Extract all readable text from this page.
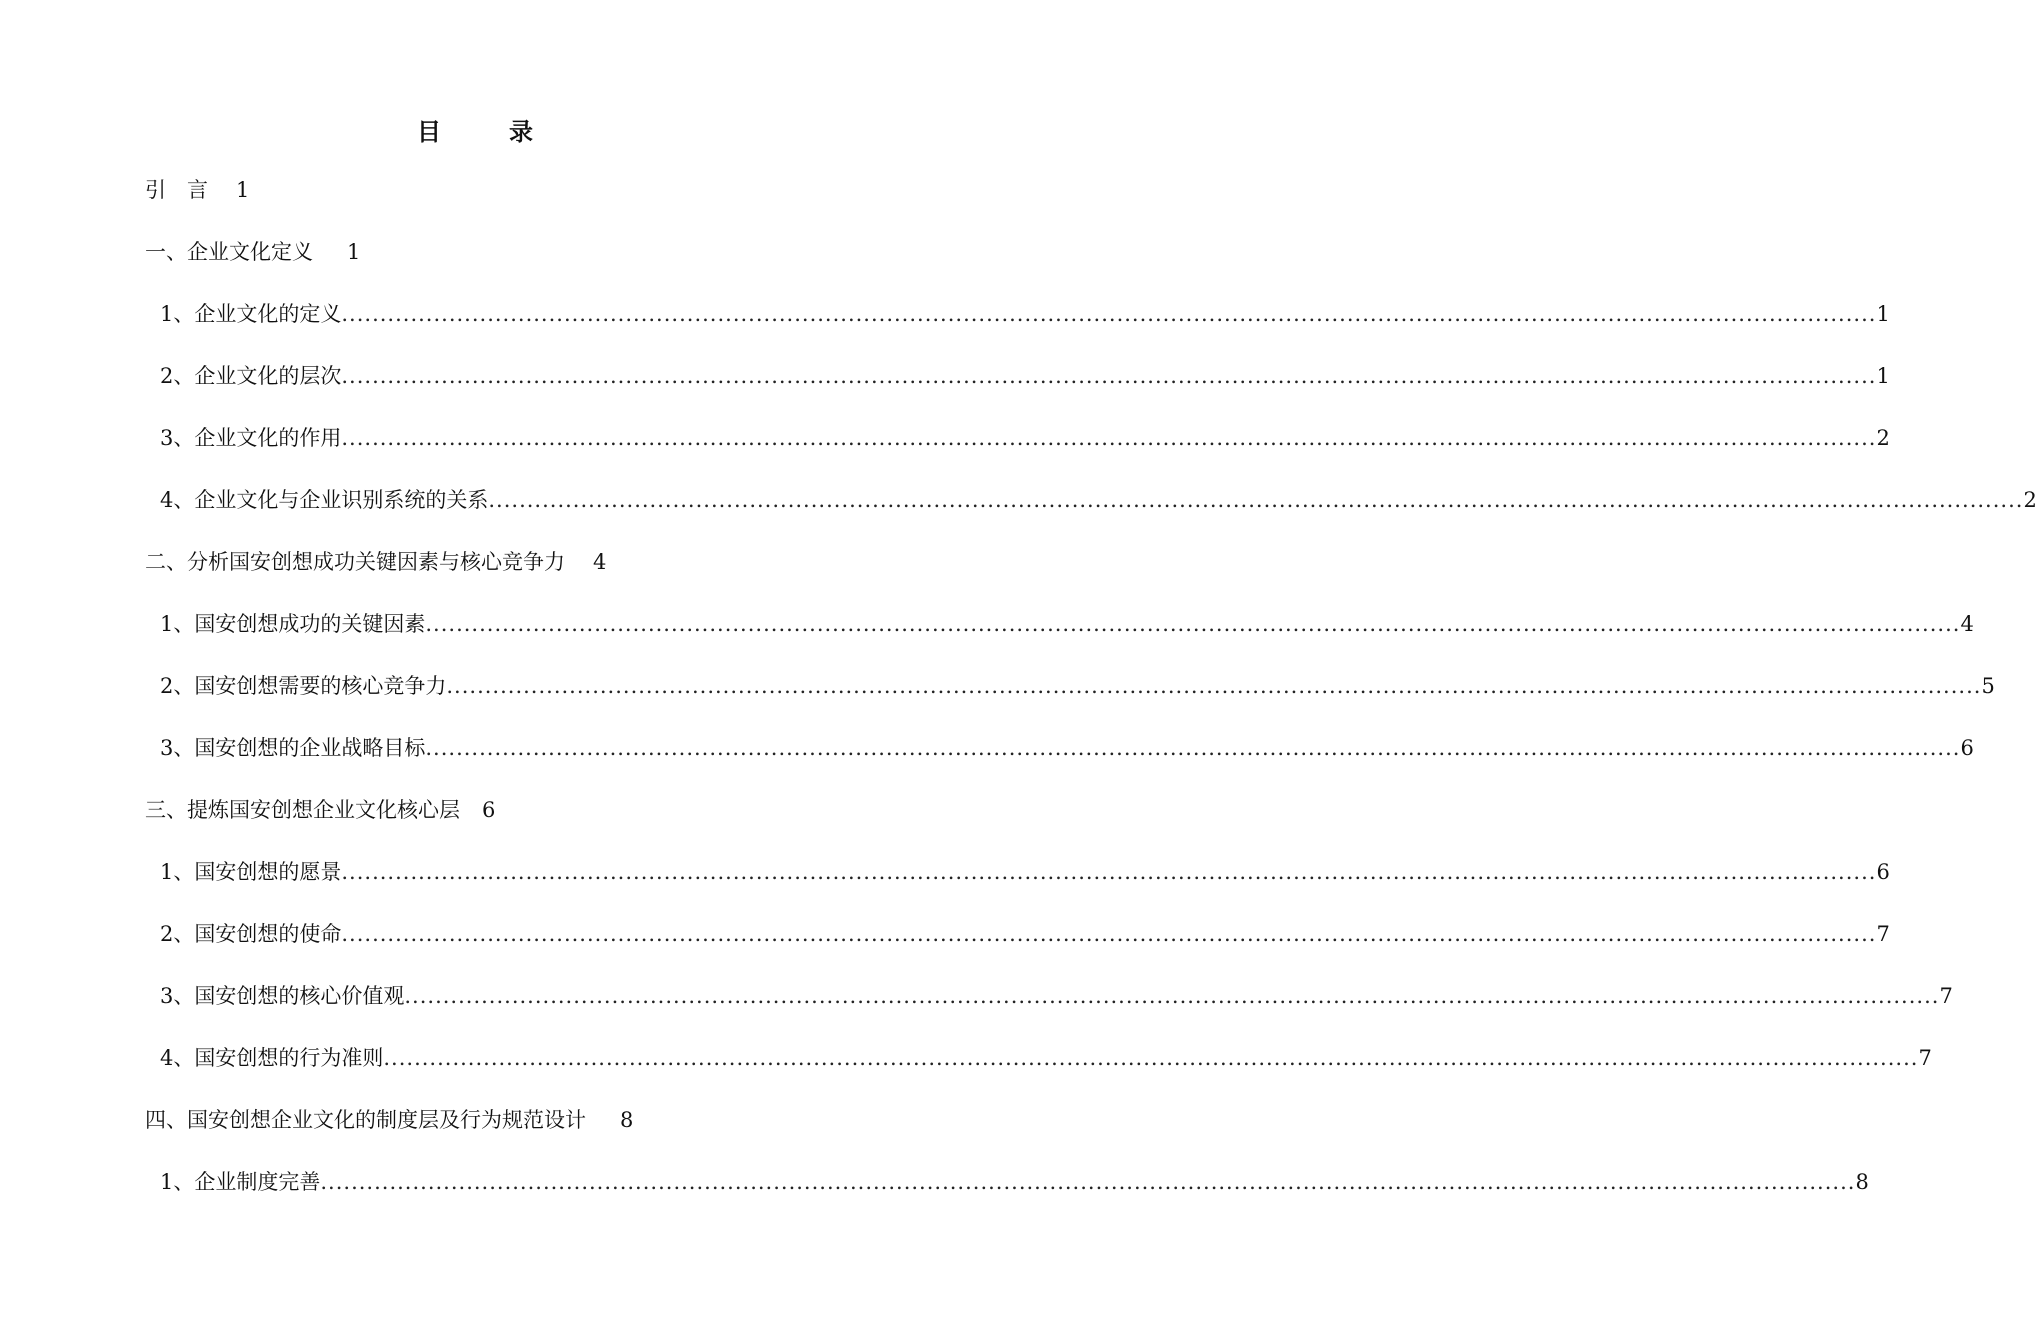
目　录
引　言 1
一、企业文化定义 1
1、企业文化的定义 ........................................................................................................................................................................................................ 1
2、企业文化的层次 ........................................................................................................................................................................................................ 1
3、企业文化的作用 ........................................................................................................................................................................................................ 2
4、企业文化与企业识别系统的关系 ........................................................................................................................................................................................................ 2
二、分析国安创想成功关键因素与核心竞争力 4
1、国安创想成功的关键因素 ........................................................................................................................................................................................................ 4
2、国安创想需要的核心竞争力 ........................................................................................................................................................................................................ 5
3、国安创想的企业战略目标 ........................................................................................................................................................................................................ 6
三、提炼国安创想企业文化核心层 6
1、国安创想的愿景 ........................................................................................................................................................................................................ 6
2、国安创想的使命 ........................................................................................................................................................................................................ 7
3、国安创想的核心价值观 ........................................................................................................................................................................................................ 7
4、国安创想的行为准则 ........................................................................................................................................................................................................ 7
四、国安创想企业文化的制度层及行为规范设计 8
1、企业制度完善 ........................................................................................................................................................................................................ 8
